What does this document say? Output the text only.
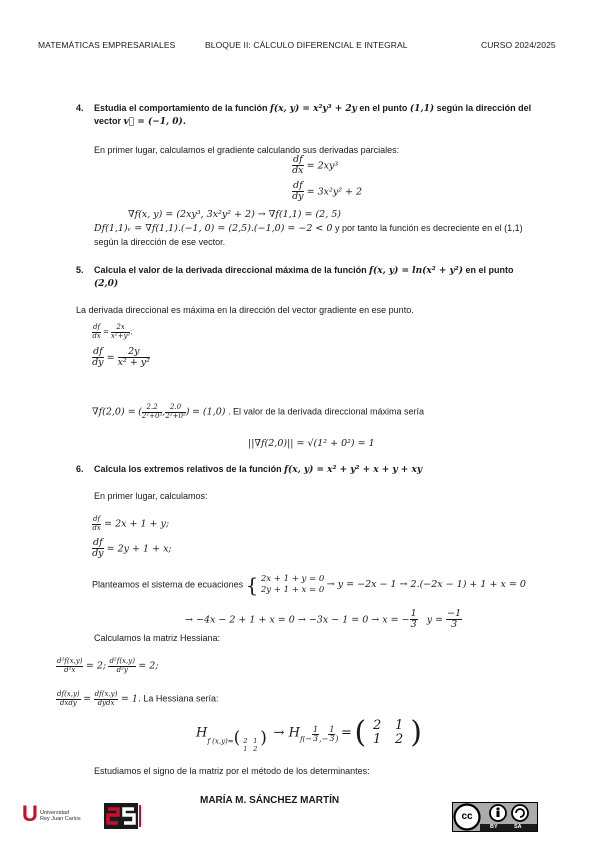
MATEMÁTICAS EMPRESARIALES	BLOQUE II: CÁLCULO DIFERENCIAL E INTEGRAL	CURSO 2024/2025
4. Estudia el comportamiento de la función f(x, y) = x²y³ + 2y en el punto (1,1) según la dirección del
vector v⃗ = (−1, 0).
En primer lugar, calculamos el gradiente calculando sus derivadas parciales:
$\frac{df}{dx} = 2xy^3$
$\frac{df}{dy} = 3x^2y^2 + 2$
∇f(x, y) = (2xy³, 3x²y² + 2) → ∇f(1,1) = (2, 5)
Df(1,1)ᵥ = ∇f(1,1).(−1, 0) = (2,5).(−1,0) = −2 < 0 y por tanto la función es decreciente en el (1,1)
según la dirección de ese vector.
5. Calcula el valor de la derivada direccional máxima de la función f(x, y) = ln(x² + y²) en el punto
(2,0)
La derivada direccional es máxima en la dirección del vector gradiente en ese punto.
$\frac{df}{dx} = \frac{2x}{\text{x²+y²}}$ ;
$\frac{df}{dy} = \frac{2y}{\text{x² + y²}}$
∇f(2,0) = ( $\frac{2.2}{\text{2²+0²}}$ , $\frac{2.0}{\text{2²+0²}}$ ) = (1,0) . El valor de la derivada direccional máxima sería
||∇f(2,0)|| = √(1² + 0²) = 1
6. Calcula los extremos relativos de la función f(x, y) = x² + y² + x + y + xy
En primer lugar, calculamos:
$\frac{df}{dx} = 2x + 1 + y$;
$\frac{df}{dy} = 2y + 1 + x$;
Planteamos el sistema de ecuaciones { 2x + 1 + y = 0
2y + 1 + x = 0 → y = −2x − 1 → 2.(−2x − 1) + 1 + x = 0
→ −4x − 2 + 1 + x = 0 → −3x − 1 = 0 → x = − $\frac{1}{3}$ $y = \frac{-1}{3}$
Calculamos la matriz Hessiana:
$\frac{\text{d²f(x,y)}}{\text{d²x}} = 2$; $\frac{\text{d²f(x,y)}}{\text{d²y}} = 2$;
$\frac{df(x,y)}{\text{dxdy}} = \frac{df(x,y)}{\text{dydx}} = 1$. La Hessiana sería:
$H_{f (x,y)=}$( 2 1
1 2
)  → $H_{f(}- \frac{1}{3}$ ,− $\frac{1}{3}$ ) = ( 2	1
1	2 )
Estudiamos el signo de la matriz por el método de los determinantes:
U Universidad
Rey Juan Carlos
MARÍA M. SÁNCHEZ MARTÍN
cc
BY	SA
